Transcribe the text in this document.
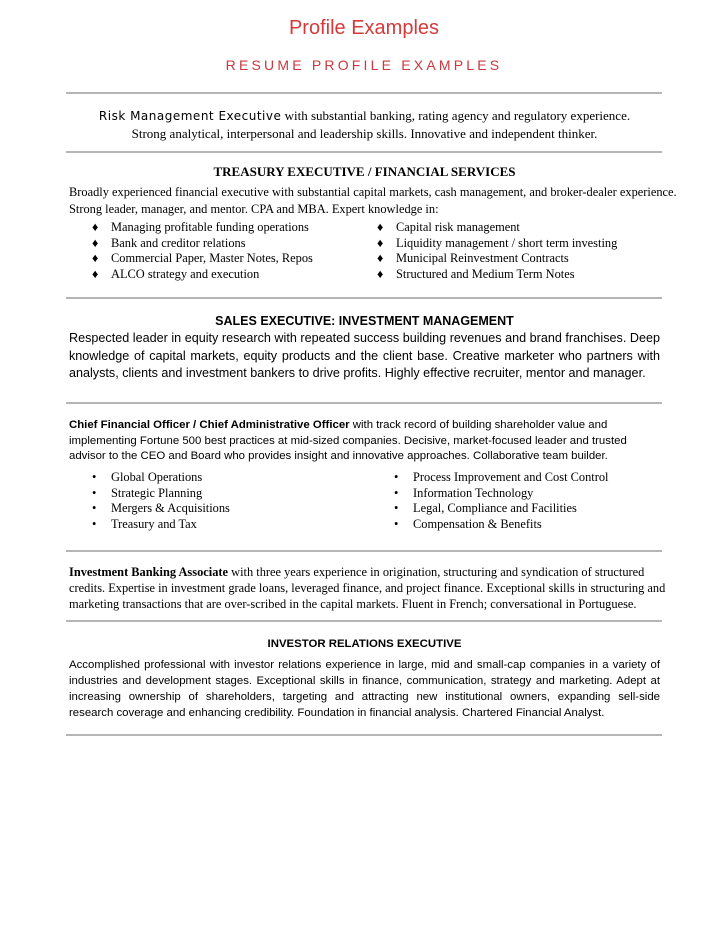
Profile Examples
RESUME PROFILE EXAMPLES
Risk Management Executive with substantial banking, rating agency and regulatory experience.
Strong analytical, interpersonal and leadership skills. Innovative and independent thinker.
TREASURY EXECUTIVE / FINANCIAL SERVICES
Broadly experienced financial executive with substantial capital markets, cash management, and broker-dealer experience.
Strong leader, manager, and mentor. CPA and MBA. Expert knowledge in:
♦ Managing profitable funding operations
♦ Bank and creditor relations
♦ Commercial Paper, Master Notes, Repos
♦ ALCO strategy and execution
♦ Capital risk management
♦ Liquidity management / short term investing
♦ Municipal Reinvestment Contracts
♦ Structured and Medium Term Notes
SALES EXECUTIVE: INVESTMENT MANAGEMENT
Respected leader in equity research with repeated success building revenues and brand franchises. Deep
knowledge of capital markets, equity products and the client base. Creative marketer who partners with
analysts, clients and investment bankers to drive profits. Highly effective recruiter, mentor and manager.
Chief Financial Officer / Chief Administrative Officer with track record of building shareholder value and
implementing Fortune 500 best practices at mid-sized companies. Decisive, market-focused leader and trusted
advisor to the CEO and Board who provides insight and innovative approaches. Collaborative team builder.
• Global Operations
• Strategic Planning
• Mergers & Acquisitions
• Treasury and Tax
• Process Improvement and Cost Control
• Information Technology
• Legal, Compliance and Facilities
• Compensation & Benefits
Investment Banking Associate with three years experience in origination, structuring and syndication of structured
credits. Expertise in investment grade loans, leveraged finance, and project finance. Exceptional skills in structuring and
marketing transactions that are over-scribed in the capital markets. Fluent in French; conversational in Portuguese.
INVESTOR RELATIONS EXECUTIVE
Accomplished professional with investor relations experience in large, mid and small-cap companies in a variety of
industries and development stages. Exceptional skills in finance, communication, strategy and marketing. Adept at
increasing ownership of shareholders, targeting and attracting new institutional owners, expanding sell-side
research coverage and enhancing credibility. Foundation in financial analysis. Chartered Financial Analyst.
